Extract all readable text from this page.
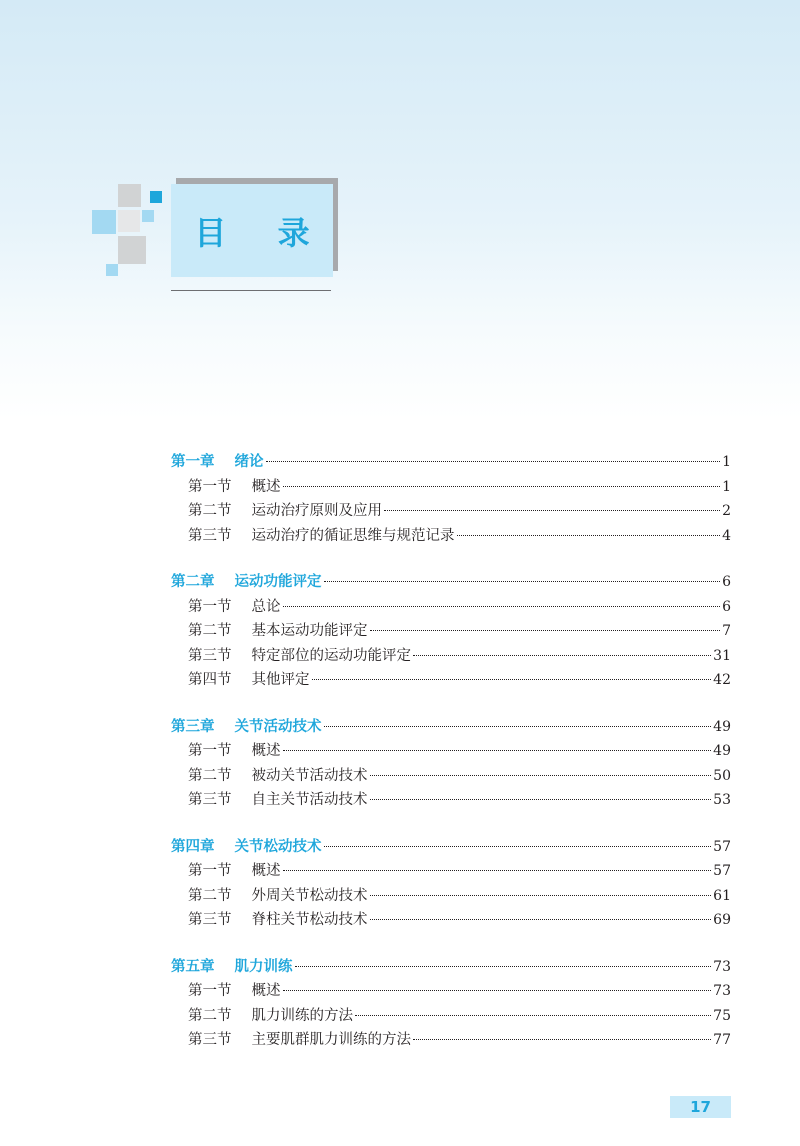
目 录
第一章 绪论	1
第一节 概述	1
第二节 运动治疗原则及应用	2
第三节 运动治疗的循证思维与规范记录	4
第二章 运动功能评定	6
第一节 总论	6
第二节 基本运动功能评定	7
第三节 特定部位的运动功能评定	31
第四节 其他评定	42
第三章 关节活动技术	49
第一节 概述	49
第二节 被动关节活动技术	50
第三节 自主关节活动技术	53
第四章 关节松动技术	57
第一节 概述	57
第二节 外周关节松动技术	61
第三节 脊柱关节松动技术	69
第五章 肌力训练	73
第一节 概述	73
第二节 肌力训练的方法	75
第三节 主要肌群肌力训练的方法	77
17
